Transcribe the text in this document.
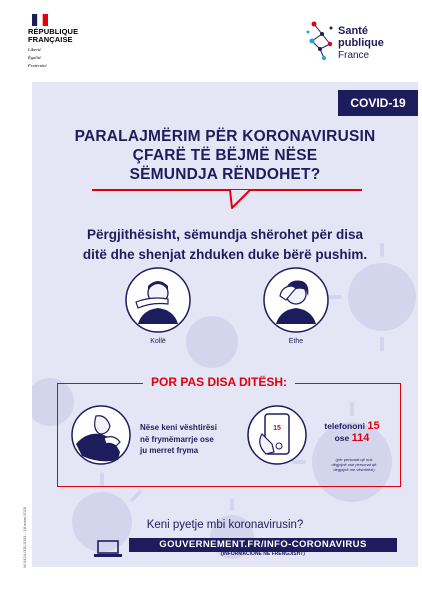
RÉPUBLIQUE
FRANÇAISE
Liberté
Égalité
Fraternité
Santé
publique
France
COVID-19
PARALAJMËRIM PËR KORONAVIRUSIN
ÇFARË TË BËJMË NËSE
SËMUNDJA RËNDOHET?
Përgjithësisht, sëmundja shërohet për disa
ditë dhe shenjat zhduken duke bërë pushim.
Kollë	Ethe
POR PAS DISA DITËSH:
Nëse keni vështirësi
në frymëmarrje ose
ju merret fryma
15	telefononi 15
ose 114
(për personat që nuk
dëgjojnë ose personat që
dëgjojnë me vështirësi)
Keni pyetje mbi koronavirusin?
GOUVERNEMENT.FR/INFO-CORONAVIRUS
(INFORMACIONE NË FRËNGJISHT)
W-0424-005-2003 – 18 mars 2020
